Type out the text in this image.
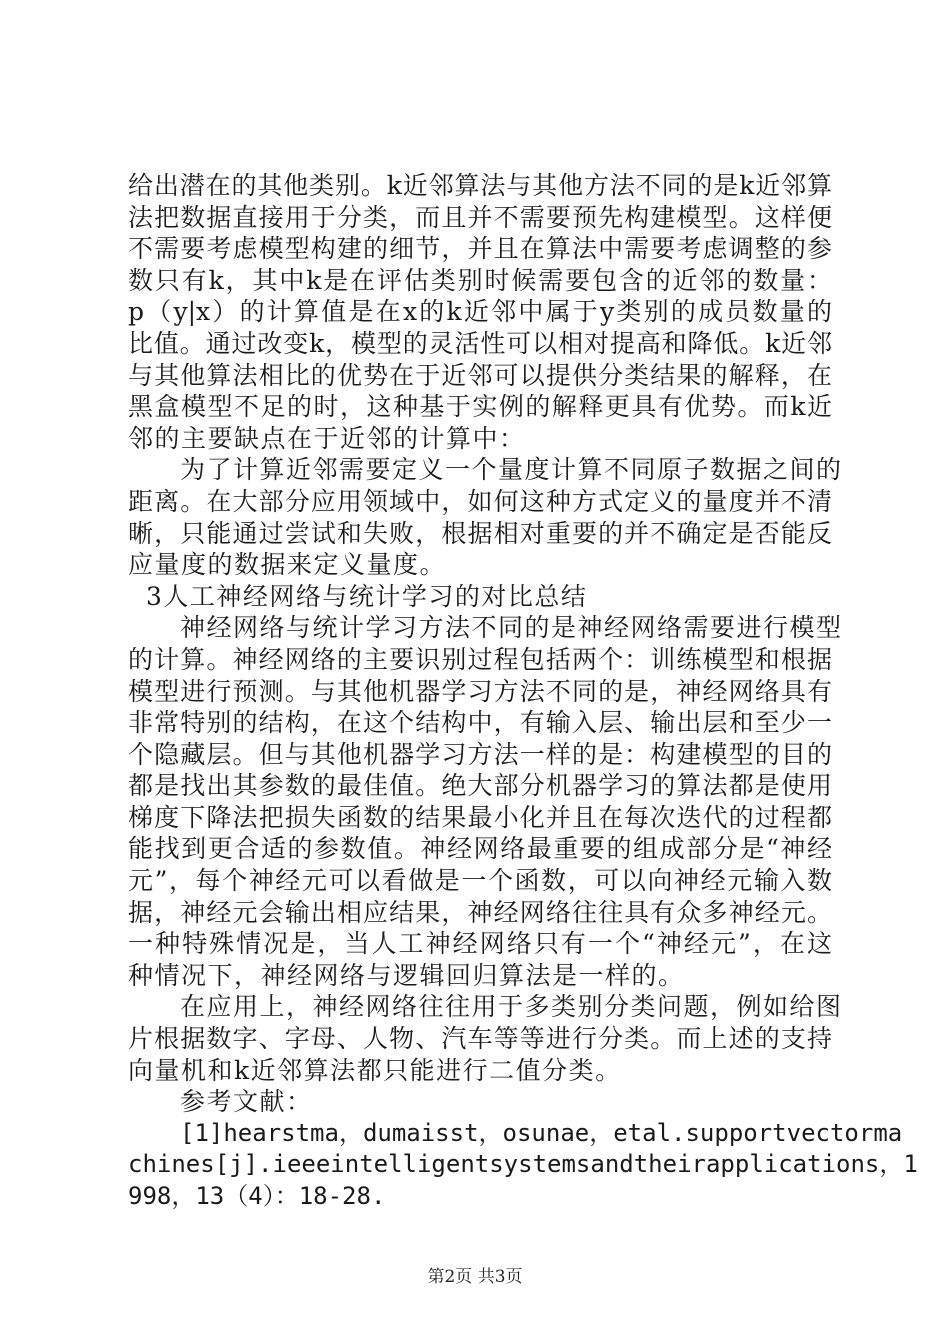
给出潜在的其他类别。k近邻算法与其他方法不同的是k近邻算
法把数据直接用于分类，而且并不需要预先构建模型。这样便
不需要考虑模型构建的细节，并且在算法中需要考虑调整的参
数只有k，其中k是在评估类别时候需要包含的近邻的数量：
p（y|x）的计算值是在x的k近邻中属于y类别的成员数量的
比值。通过改变k，模型的灵活性可以相对提高和降低。k近邻
与其他算法相比的优势在于近邻可以提供分类结果的解释，在
黑盒模型不足的时，这种基于实例的解释更具有优势。而k近
邻的主要缺点在于近邻的计算中：
为了计算近邻需要定义一个量度计算不同原子数据之间的
距离。在大部分应用领域中，如何这种方式定义的量度并不清
晰，只能通过尝试和失败，根据相对重要的并不确定是否能反
应量度的数据来定义量度。
3人工神经网络与统计学习的对比总结
神经网络与统计学习方法不同的是神经网络需要进行模型
的计算。神经网络的主要识别过程包括两个：训练模型和根据
模型进行预测。与其他机器学习方法不同的是，神经网络具有
非常特别的结构，在这个结构中，有输入层、输出层和至少一
个隐藏层。但与其他机器学习方法一样的是：构建模型的目的
都是找出其参数的最佳值。绝大部分机器学习的算法都是使用
梯度下降法把损失函数的结果最小化并且在每次迭代的过程都
能找到更合适的参数值。神经网络最重要的组成部分是“神经
元”，每个神经元可以看做是一个函数，可以向神经元输入数
据，神经元会输出相应结果，神经网络往往具有众多神经元。
一种特殊情况是，当人工神经网络只有一个“神经元”，在这
种情况下，神经网络与逻辑回归算法是一样的。
在应用上，神经网络往往用于多类别分类问题，例如给图
片根据数字、字母、人物、汽车等等进行分类。而上述的支持
向量机和k近邻算法都只能进行二值分类。
参考文献：
[1]hearstma，dumaisst，osunae，etal.supportvectorma
chines[j].ieeeintelligentsystemsandtheirapplications，1
998，13（4）：18-28.
第2页 共3页
